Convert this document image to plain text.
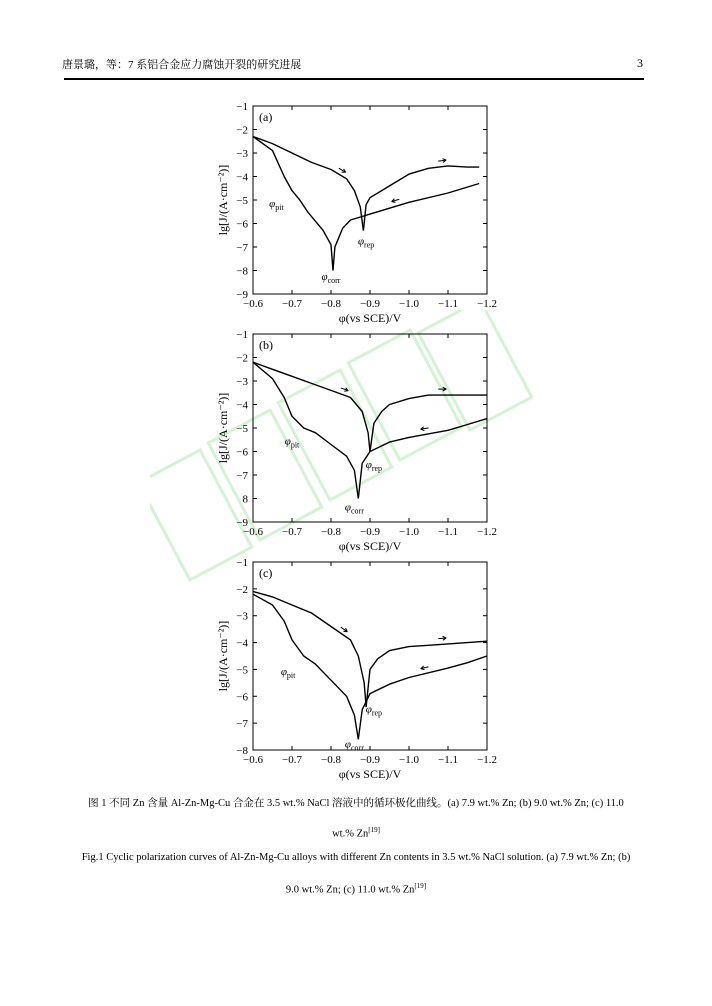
唐景璐，等：7 系铝合金应力腐蚀开裂的研究进展	3
−1
−2
−3
−4
−5
−6
−7
−8
−9
−0.6 −0.7 −0.8 −0.9 −1.0 −1.1 −1.2
φ(vs SCE)/V
lg[J/(A·cm⁻²)]
(a)
$\varphi_{pit}$
$\varphi_{corr}$
$\varphi_{rep}$
−1
−2
−3
−4
−5
−6
−7
8
−9
−0.6 −0.7 −0.8 −0.9 −1.0 −1.1 −1.2
φ(vs SCE)/V
lg[J/(A·cm⁻²)]
(b)
$\varphi_{pit}$
$\varphi_{corr}$
$\varphi_{rep}$
−1
−2
−3
−4
−5
−6
−7
−8
−0.6 −0.7 −0.8 −0.9 −1.0 −1.1 −1.2
φ(vs SCE)/V
lg[J/(A·cm⁻²)]
(c)
$\varphi_{pit}$
$\varphi_{corr}$
$\varphi_{rep}$
图 1 不同 Zn 含量 Al-Zn-Mg-Cu 合金在 3.5 wt.% NaCl 溶液中的循环极化曲线。(a) 7.9 wt.% Zn; (b) 9.0 wt.% Zn; (c) 11.0
wt.% Zn[19]
Fig.1 Cyclic polarization curves of Al-Zn-Mg-Cu alloys with different Zn contents in 3.5 wt.% NaCl solution. (a) 7.9 wt.% Zn; (b)
9.0 wt.% Zn; (c) 11.0 wt.% Zn[19]
